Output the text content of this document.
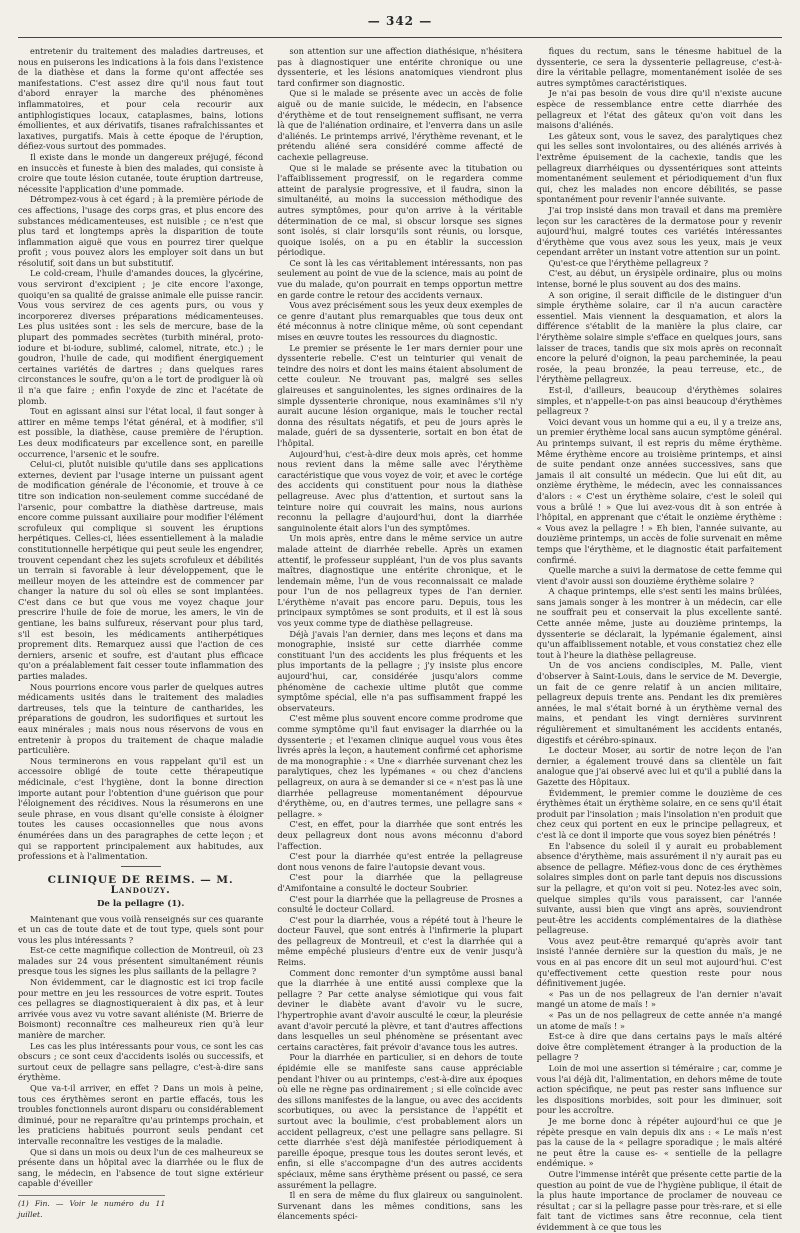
— 342 —

entretenir du traitement des maladies dartreuses, et nous en puiserons les indications à la fois dans l'existence de la diathèse et dans la forme qu'ont affectée ses manifestations. C'est assez dire qu'il nous faut tout d'abord enrayer la marche des phénomènes inflammatoires, et pour cela recourir aux antiphlogistiques locaux, cataplasmes, bains, lotions émollientes, et aux dérivatifs, tisanes rafraîchissantes et laxatives, purgatifs. Mais à cette époque de l'éruption, défiez-vous surtout des pommades.

Il existe dans le monde un dangereux préjugé, fécond en insuccès et funeste à bien des malades, qui consiste à croire que toute lésion cutanée, toute éruption dartreuse, nécessite l'application d'une pommade.

Détrompez-vous à cet égard ; à la première période de ces affections, l'usage des corps gras, et plus encore des substances médicamenteuses, est nuisible ; ce n'est que plus tard et longtemps après la disparition de toute inflammation aiguë que vous en pourrez tirer quelque profit ; vous pouvez alors les employer soit dans un but résolutif, soit dans un but substitutif.

Le cold-cream, l'huile d'amandes douces, la glycérine, vous serviront d'excipient ; je cite encore l'axonge, quoiqu'en sa qualité de graisse animale elle puisse rancir. Vous vous servirez de ces agents purs, ou vous y incorporerez diverses préparations médicamenteuses. Les plus usitées sont : les sels de mercure, base de la plupart des pommades secrètes (turbith minéral, proto-iodure et bi-iodure, sublimé, calomel, nitrate, etc.) ; le goudron, l'huile de cade, qui modifient énergiquement certaines variétés de dartres ; dans quelques rares circonstances le soufre, qu'on a le tort de prodiguer là où il n'a que faire ; enfin l'oxyde de zinc et l'acétate de plomb.

Tout en agissant ainsi sur l'état local, il faut songer à attirer en même temps l'état général, et à modifier, s'il est possible, la diathèse, cause première de l'éruption. Les deux modificateurs par excellence sont, en pareille occurrence, l'arsenic et le soufre.

Celui-ci, plutôt nuisible qu'utile dans ses applications externes, devient par l'usage interne un puissant agent de modification générale de l'économie, et trouve à ce titre son indication non-seulement comme succédané de l'arsenic, pour combattre la diathèse dartreuse, mais encore comme puissant auxiliaire pour modifier l'élément scrofuleux qui complique si souvent les éruptions herpétiques. Celles-ci, liées essentiellement à la maladie constitutionnelle herpétique qui peut seule les engendrer, trouvent cependant chez les sujets scrofuleux et débilités un terrain si favorable à leur développement, que le meilleur moyen de les atteindre est de commencer par changer la nature du sol où elles se sont implantées. C'est dans ce but que vous me voyez chaque jour prescrire l'huile de foie de morue, les amers, le vin de gentiane, les bains sulfureux, réservant pour plus tard, s'il est besoin, les médicaments antiherpétiques proprement dits. Remarquez aussi que l'action de ces derniers, arsenic et soufre, est d'autant plus efficace qu'on a préalablement fait cesser toute inflammation des parties malades.

Nous pourrions encore vous parler de quelques autres médicaments usités dans le traitement des maladies dartreuses, tels que la teinture de cantharides, les préparations de goudron, les sudorifiques et surtout les eaux minérales ; mais nous nous réservons de vous en entretenir à propos du traitement de chaque maladie particulière.

Nous terminerons en vous rappelant qu'il est un accessoire obligé de toute cette thérapeutique médicinale, c'est l'hygiène, dont la bonne direction importe autant pour l'obtention d'une guérison que pour l'éloignement des récidives. Nous la résumerons en une seule phrase, en vous disant qu'elle consiste à éloigner toutes les causes occasionnelles que nous avons énumérées dans un des paragraphes de cette leçon ; et qui se rapportent principalement aux habitudes, aux professions et à l'alimentation.

CLINIQUE DE REIMS. — M. Landouzy.
De la pellagre (1).

Maintenant que vous voilà renseignés sur ces quarante et un cas de toute date et de tout type, quels sont pour vous les plus intéressants ?

Est-ce cette magnifique collection de Montreuil, où 23 malades sur 24 vous présentent simultanément réunis presque tous les signes les plus saillants de la pellagre ?

Non évidemment, car le diagnostic est ici trop facile pour mettre en jeu les ressources de votre esprit. Toutes ces pellagres se diagnostiqueraient à dix pas, et à leur arrivée vous avez vu votre savant aliéniste (M. Brierre de Boismont) reconnaître ces malheureux rien qu'à leur manière de marcher.

Les cas les plus intéressants pour vous, ce sont les cas obscurs ; ce sont ceux d'accidents isolés ou successifs, et surtout ceux de pellagre sans pellagre, c'est-à-dire sans érythème.

Que va-t-il arriver, en effet ? Dans un mois à peine, tous ces érythèmes seront en partie effacés, tous les troubles fonctionnels auront disparu ou considérablement diminué, pour ne reparaître qu'au printemps prochain, et les praticiens habitués pourront seuls pendant cet intervalle reconnaître les vestiges de la maladie.

Que si dans un mois ou deux l'un de ces malheureux se présente dans un hôpital avec la diarrhée ou le flux de sang, le médecin, en l'absence de tout signe extérieur capable d'éveiller

(1) Fin. — Voir le numéro du 11 juillet.

son attention sur une affection diathésique, n'hésitera pas à diagnostiquer une entérite chronique ou une dyssenterie, et les lésions anatomiques viendront plus tard confirmer son diagnostic.

Que si le malade se présente avec un accès de folie aiguë ou de manie suicide, le médecin, en l'absence d'érythème et de tout renseignement suffisant, ne verra là que de l'aliénation ordinaire, et l'enverra dans un asile d'aliénés. Le printemps arrivé, l'érythème revenant, et le prétendu aliéné sera considéré comme affecté de cachexie pellagreuse.

Que si le malade se présente avec la titubation ou l'affaiblissement progressif, on le regardera comme atteint de paralysie progressive, et il faudra, sinon la simultanéité, au moins la succession méthodique des autres symptômes, pour qu'on arrive à la véritable détermination de ce mal, si obscur lorsque ses signes sont isolés, si clair lorsqu'ils sont réunis, ou lorsque, quoique isolés, on a pu en établir la succession périodique.

Ce sont là les cas véritablement intéressants, non pas seulement au point de vue de la science, mais au point de vue du malade, qu'on pourrait en temps opportun mettre en garde contre le retour des accidents vernaux.

Vous avez précisément sous les yeux deux exemples de ce genre d'autant plus remarquables que tous deux ont été méconnus à notre clinique même, où sont cependant mises en œuvre toutes les ressources du diagnostic.

Le premier se présente le 1er mars dernier pour une dyssenterie rebelle. C'est un teinturier qui venait de teindre des noirs et dont les mains étaient absolument de cette couleur. Ne trouvant pas, malgré ses selles glaireuses et sanguinolentes, les signes ordinaires de la simple dyssenterie chronique, nous examinâmes s'il n'y aurait aucune lésion organique, mais le toucher rectal donna des résultats négatifs, et peu de jours après le malade, guéri de sa dyssenterie, sortait en bon état de l'hôpital.

Aujourd'hui, c'est-à-dire deux mois après, cet homme nous revient dans la même salle avec l'érythème caractéristique que vous voyez de voir, et avec le cortége des accidents qui constituent pour nous la diathèse pellagreuse. Avec plus d'attention, et surtout sans la teinture noire qui couvrait les mains, nous aurions reconnu la pellagre d'aujourd'hui, dont la diarrhée sanguinolente était alors l'un des symptômes.

Un mois après, entre dans le même service un autre malade atteint de diarrhée rebelle. Après un examen attentif, le professeur suppléant, l'un de vos plus savants maîtres, diagnostique une entérite chronique, et le lendemain même, l'un de vous reconnaissait ce malade pour l'un de nos pellagreux types de l'an dernier. L'érythème n'avait pas encore paru. Depuis, tous les principaux symptômes se sont produits, et il est là sous vos yeux comme type de diathèse pellagreuse.

Déjà j'avais l'an dernier, dans mes leçons et dans ma monographie, insisté sur cette diarrhée comme constituant l'un des accidents les plus fréquents et les plus importants de la pellagre ; j'y insiste plus encore aujourd'hui, car, considérée jusqu'alors comme phénomène de cachexie ultime plutôt que comme symptôme spécial, elle n'a pas suffisamment frappé les observateurs.

C'est même plus souvent encore comme prodrome que comme symptôme qu'il faut envisager la diarrhée ou la dyssenterie ; et l'examen clinique auquel vous vous êtes livrés après la leçon, a hautement confirmé cet aphorisme de ma monographie : « Une « diarrhée survenant chez les paralytiques, chez les lypémanes « ou chez d'anciens pellagreux, on aura à se demander si ce « n'est pas là une diarrhée pellagreuse momentanément dépourvue d'érythème, ou, en d'autres termes, une pellagre sans « pellagre. »

C'est, en effet, pour la diarrhée que sont entrés les deux pellagreux dont nous avons méconnu d'abord l'affection.

C'est pour la diarrhée qu'est entrée la pellagreuse dont nous venons de faire l'autopsie devant vous.

C'est pour la diarrhée que la pellagreuse d'Amifontaine a consulté le docteur Soubrier.

C'est pour la diarrhée que la pellagreuse de Prosnes a consulté le docteur Collard.

C'est pour la diarrhée, vous a répété tout à l'heure le docteur Fauvel, que sont entrés à l'infirmerie la plupart des pellagreux de Montreuil, et c'est la diarrhée qui a même empêché plusieurs d'entre eux de venir jusqu'à Reims.

Comment donc remonter d'un symptôme aussi banal que la diarrhée à une entité aussi complexe que la pellagre ? Par cette analyse sémiotique qui vous fait deviner le diabète avant d'avoir vu le sucre, l'hypertrophie avant d'avoir ausculté le cœur, la pleurésie avant d'avoir percuté la plèvre, et tant d'autres affections dans lesquelles un seul phénomène se présentant avec certains caractères, fait prévoir d'avance tous les autres.

Pour la diarrhée en particulier, si en dehors de toute épidémie elle se manifeste sans cause appréciable pendant l'hiver ou au printemps, c'est-à-dire aux époques où elle ne règne pas ordinairement ; si elle coïncide avec des sillons manifestes de la langue, ou avec des accidents scorbutiques, ou avec la persistance de l'appétit et surtout avec la boulimie, c'est probablement alors un accident pellagreux, c'est une pellagre sans pellagre. Si cette diarrhée s'est déjà manifestée périodiquement à pareille époque, presque tous les doutes seront levés, et enfin, si elle s'accompagne d'un des autres accidents spéciaux, même sans érythème présent ou passé, ce sera assurément la pellagre.

Il en sera de même du flux glaireux ou sanguinolent. Survenant dans les mêmes conditions, sans les élancements spéci-

fiques du rectum, sans le ténesme habituel de la dyssenterie, ce sera la dyssenterie pellagreuse, c'est-à-dire la véritable pellagre, momentanément isolée de ses autres symptômes caractéristiques.

Je n'ai pas besoin de vous dire qu'il n'existe aucune espèce de ressemblance entre cette diarrhée des pellagreux et l'état des gâteux qu'on voit dans les maisons d'aliénés.

Les gâteux sont, vous le savez, des paralytiques chez qui les selles sont involontaires, ou des aliénés arrivés à l'extrême épuisement de la cachexie, tandis que les pellagreux diarrhéiques ou dyssentériques sont atteints momentanément seulement et périodiquement d'un flux qui, chez les malades non encore débilités, se passe spontanément pour revenir l'année suivante.

J'ai trop insisté dans mon travail et dans ma première leçon sur les caractères de la dermatose pour y revenir aujourd'hui, malgré toutes ces variétés intéressantes d'érythème que vous avez sous les yeux, mais je veux cependant arrêter un instant votre attention sur un point.

Qu'est-ce que l'érythème pellagreux ?

C'est, au début, un érysipèle ordinaire, plus ou moins intense, borné le plus souvent au dos des mains.

A son origine, il serait difficile de le distinguer d'un simple érythème solaire, car il n'a aucun caractère essentiel. Mais viennent la desquamation, et alors la différence s'établit de la manière la plus claire, car l'érythème solaire simple s'efface en quelques jours, sans laisser de traces, tandis que six mois après on reconnaît encore la peluré d'oignon, la peau parcheminée, la peau rosée, la peau bronzée, la peau terreuse, etc., de l'érythème pellagreux.

Est-il, d'ailleurs, beaucoup d'érythèmes solaires simples, et n'appelle-t-on pas ainsi beaucoup d'érythèmes pellagreux ?

Voici devant vous un homme qui a eu, il y a treize ans, un premier érythème local sans aucun symptôme général. Au printemps suivant, il est repris du même érythème. Même érythème encore au troisième printemps, et ainsi de suite pendant onze années successives, sans que jamais il ait consulté un médecin. Que lui eût dit, au onzième érythème, le médecin, avec les connaissances d'alors : « C'est un érythème solaire, c'est le soleil qui vous a brûlé ! » Que lui avez-vous dit à son entrée à l'hôpital, en apprenant que c'était le onzième érythème : « Vous avez la pellagre ! » Eh bien, l'année suivante, au douzième printemps, un accès de folie survenait en même temps que l'érythème, et le diagnostic était parfaitement confirmé.

Quelle marche a suivi la dermatose de cette femme qui vient d'avoir aussi son douzième érythème solaire ?

A chaque printemps, elle s'est senti les mains brûlées, sans jamais songer à les montrer à un médecin, car elle ne souffrait peu et conservait la plus excellente santé. Cette année même, juste au douzième printemps, la dyssenterie se déclarait, la lypémanie également, ainsi qu'un affaiblissement notable, et vous constatiez chez elle tout à l'heure la diathèse pellagreuse.

Un de vos anciens condisciples, M. Palle, vient d'observer à Saint-Louis, dans le service de M. Devergie, un fait de ce genre relatif à un ancien militaire, pellagreux depuis trente ans. Pendant les dix premières années, le mal s'était borné à un érythème vernal des mains, et pendant les vingt dernières survinrent régulièrement et simultanément les accidents entanés, digestifs et cérébro-spinaux.

Le docteur Moser, au sortir de notre leçon de l'an dernier, a également trouvé dans sa clientèle un fait analogue que j'ai observé avec lui et qu'il a publié dans la Gazette des Hôpitaux.

Évidemment, le premier comme le douzième de ces érythèmes était un érythème solaire, en ce sens qu'il était produit par l'insolation ; mais l'insolation n'en produit que chez ceux qui portent en eux le principe pellagreux, et c'est là ce dont il importe que vous soyez bien pénétrés !

En l'absence du soleil il y aurait eu probablement absence d'érythème, mais assurément il n'y aurait pas eu absence de pellagre. Méfiez-vous donc de ces érythèmes solaires simples dont on parle tant depuis nos discussions sur la pellagre, et qu'on voit si peu. Notez-les avec soin, quelque simples qu'ils vous paraissent, car l'année suivante, aussi bien que vingt ans après, souviendront peut-être les accidents complémentaires de la diathèse pellagreuse.

Vous avez peut-être remarqué qu'après avoir tant insisté l'année dernière sur la question du maïs, je ne vous en ai pas encore dit un seul mot aujourd'hui. C'est qu'effectivement cette question reste pour nous définitivement jugée.

« Pas un de nos pellagreux de l'an dernier n'avait mangé un atome de maïs ! »

« Pas un de nos pellagreux de cette année n'a mangé un atome de maïs ! »

Est-ce à dire que dans certains pays le maïs altéré doive être complètement étranger à la production de la pellagre ?

Loin de moi une assertion si téméraire ; car, comme je vous l'ai déjà dit, l'alimentation, en dehors même de toute action spécifique, ne peut pas rester sans influence sur les dispositions morbides, soit pour les diminuer, soit pour les accroître.

Je me borne donc à répéter aujourd'hui ce que je répète presque en vain depuis dix ans : « Le maïs n'est pas la cause de la « pellagre sporadique ; le maïs altéré ne peut être la cause es- « sentielle de la pellagre endémique. »

Outre l'immense intérêt que présente cette partie de la question au point de vue de l'hygiène publique, il était de la plus haute importance de proclamer de nouveau ce résultat ; car si la pellagre passe pour très-rare, et si elle fait tant de victimes sans être reconnue, cela tient évidemment à ce que tous les
